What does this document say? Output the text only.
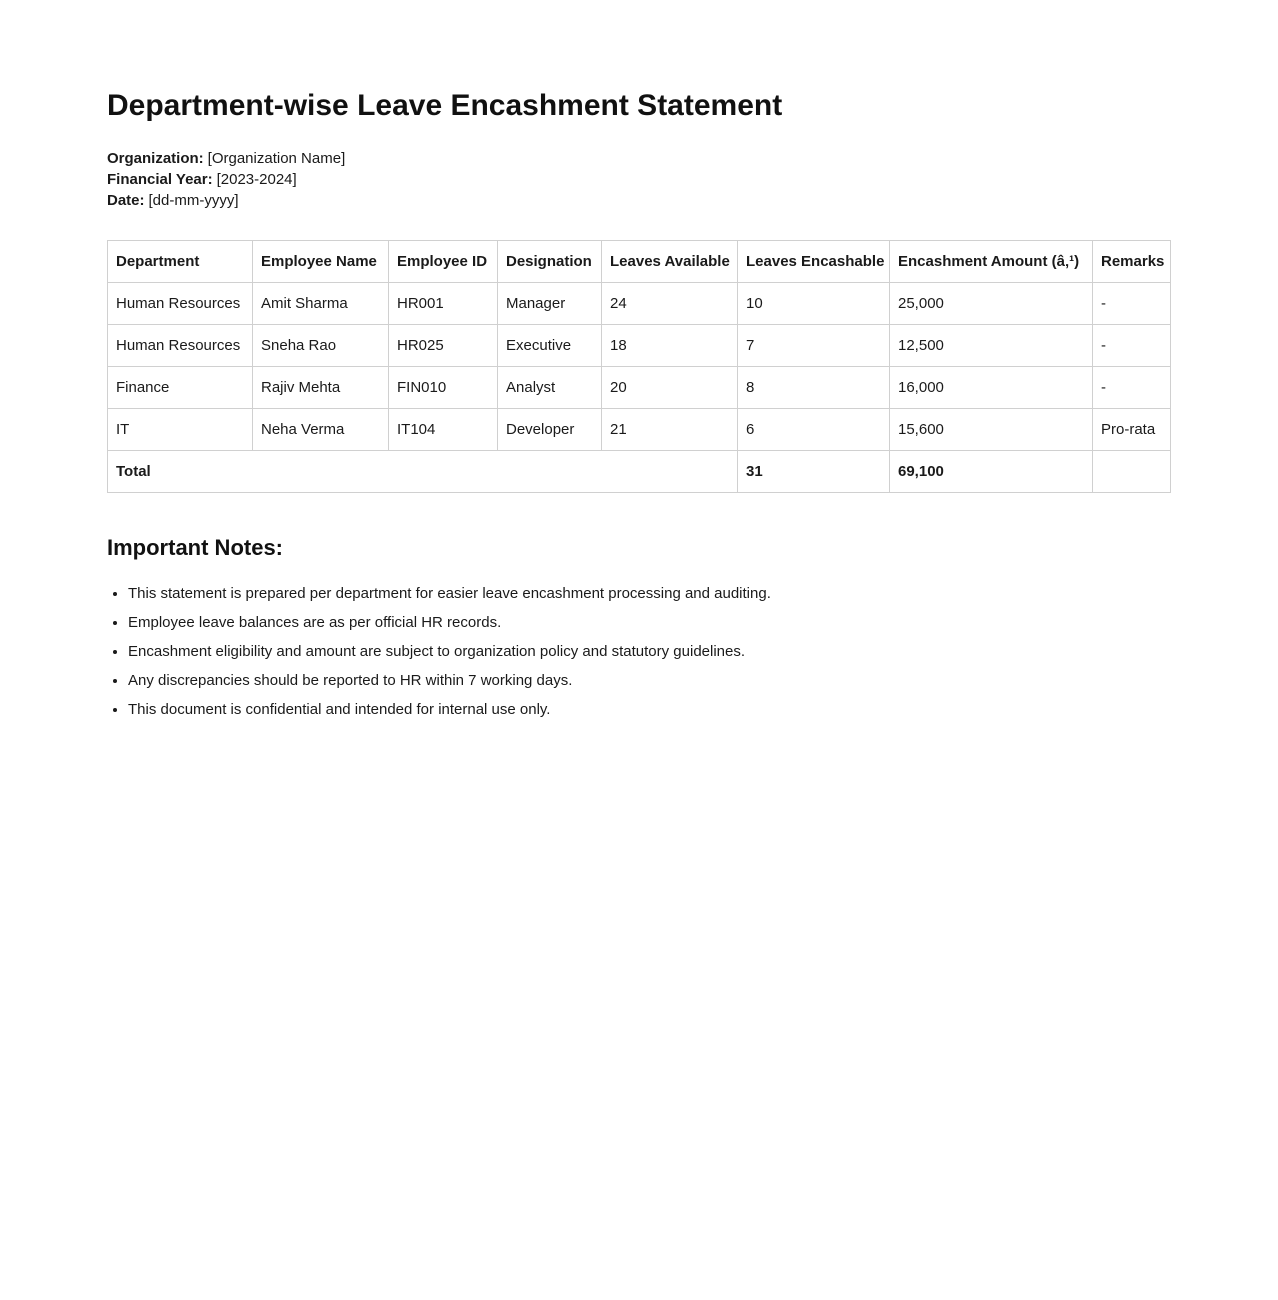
Department-wise Leave Encashment Statement

Organization: [Organization Name]

Financial Year: [2023-2024]

Date: [dd-mm-yyyy]

Department	Employee Name	Employee ID	Designation	Leaves Available	Leaves Encashable	Encashment Amount (â‚¹)	Remarks
Human Resources	Amit Sharma	HR001	Manager	24	10	25,000	-
Human Resources	Sneha Rao	HR025	Executive	18	7	12,500	-
Finance	Rajiv Mehta	FIN010	Analyst	20	8	16,000	-
IT	Neha Verma	IT104	Developer	21	6	15,600	Pro-rata
Total					31	69,100	
Important Notes:
• This statement is prepared per department for easier leave encashment processing and auditing.
• Employee leave balances are as per official HR records.
• Encashment eligibility and amount are subject to organization policy and statutory guidelines.
• Any discrepancies should be reported to HR within 7 working days.
• This document is confidential and intended for internal use only.
